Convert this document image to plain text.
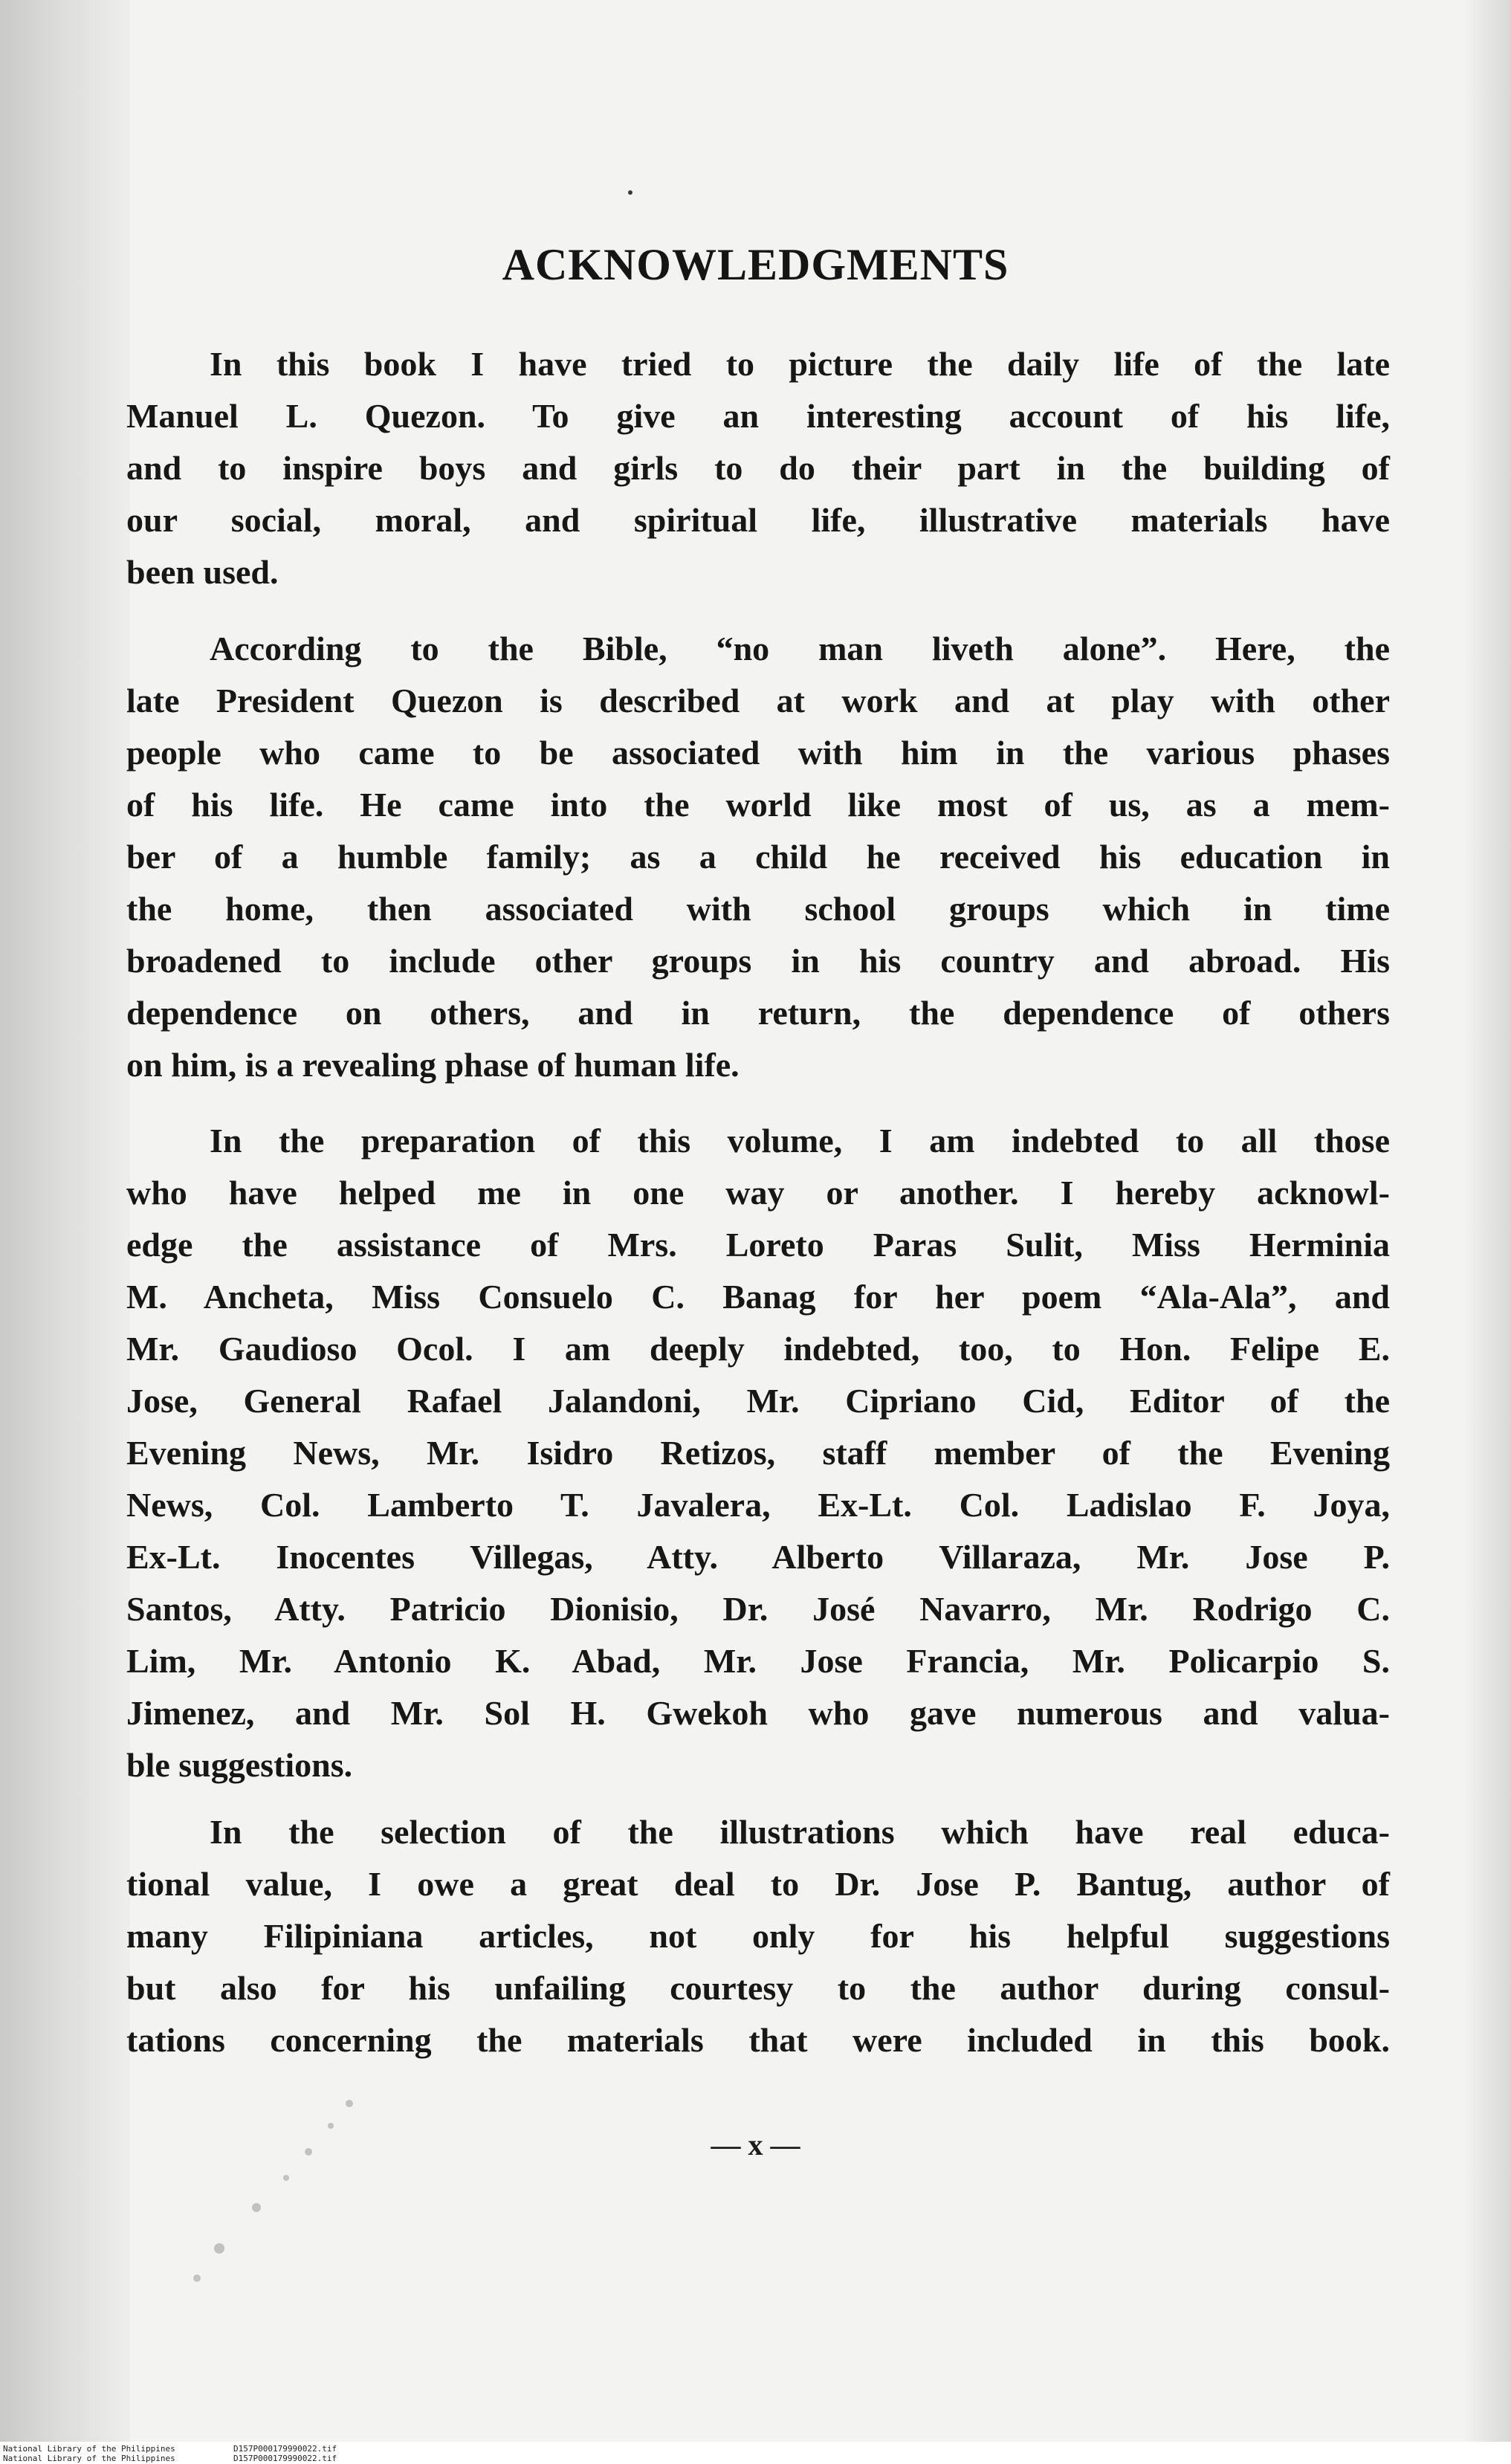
ACKNOWLEDGMENTS
In this book I have tried to picture the daily life of the late
Manuel L. Quezon. To give an interesting account of his life,
and to inspire boys and girls to do their part in the building of
our social, moral, and spiritual life, illustrative materials have
been used.
According to the Bible, “no man liveth alone”. Here, the
late President Quezon is described at work and at play with other
people who came to be associated with him in the various phases
of his life. He came into the world like most of us, as a mem-
ber of a humble family; as a child he received his education in
the home, then associated with school groups which in time
broadened to include other groups in his country and abroad. His
dependence on others, and in return, the dependence of others
on him, is a revealing phase of human life.
In the preparation of this volume, I am indebted to all those
who have helped me in one way or another. I hereby acknowl-
edge the assistance of Mrs. Loreto Paras Sulit, Miss Herminia
M. Ancheta, Miss Consuelo C. Banag for her poem “Ala-Ala”, and
Mr. Gaudioso Ocol. I am deeply indebted, too, to Hon. Felipe E.
Jose, General Rafael Jalandoni, Mr. Cipriano Cid, Editor of the
Evening News, Mr. Isidro Retizos, staff member of the Evening
News, Col. Lamberto T. Javalera, Ex-Lt. Col. Ladislao F. Joya,
Ex-Lt. Inocentes Villegas, Atty. Alberto Villaraza, Mr. Jose P.
Santos, Atty. Patricio Dionisio, Dr. José Navarro, Mr. Rodrigo C.
Lim, Mr. Antonio K. Abad, Mr. Jose Francia, Mr. Policarpio S.
Jimenez, and Mr. Sol H. Gwekoh who gave numerous and valua-
ble suggestions.
In the selection of the illustrations which have real educa-
tional value, I owe a great deal to Dr. Jose P. Bantug, author of
many Filipiniana articles, not only for his helpful suggestions
but also for his unfailing courtesy to the author during consul-
tations concerning the materials that were included in this book.
— x —
National Library of the Philippines	D157P000179990022.tif
National Library of the Philippines	D157P000179990022.tif
